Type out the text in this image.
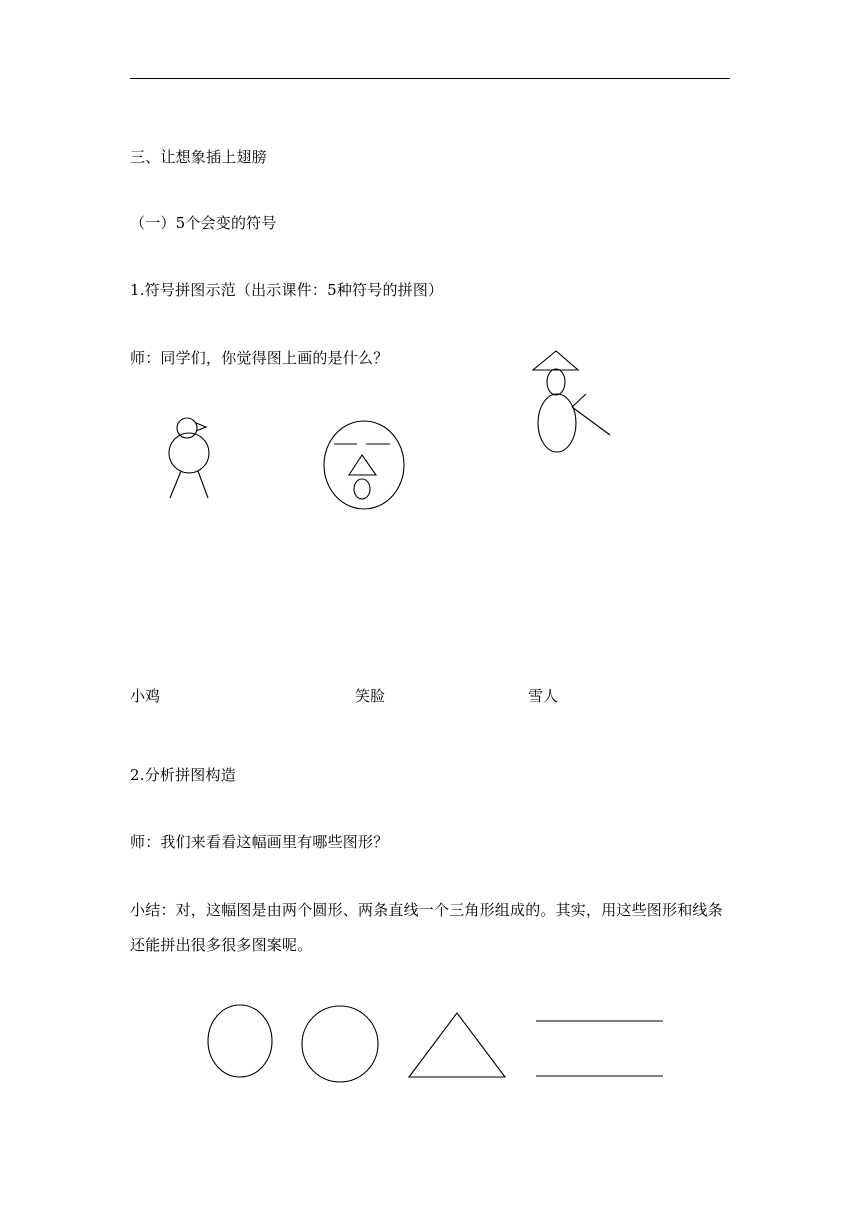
三、让想象插上翅膀
（一）5个会变的符号
1.符号拼图示范（出示课件：5种符号的拼图）
师：同学们，你觉得图上画的是什么？
小鸡	笑脸	雪人
2.分析拼图构造
师：我们来看看这幅画里有哪些图形？
小结：对，这幅图是由两个圆形、两条直线一个三角形组成的。其实，用这些图形和线条还能拼出很多很多图案呢。
